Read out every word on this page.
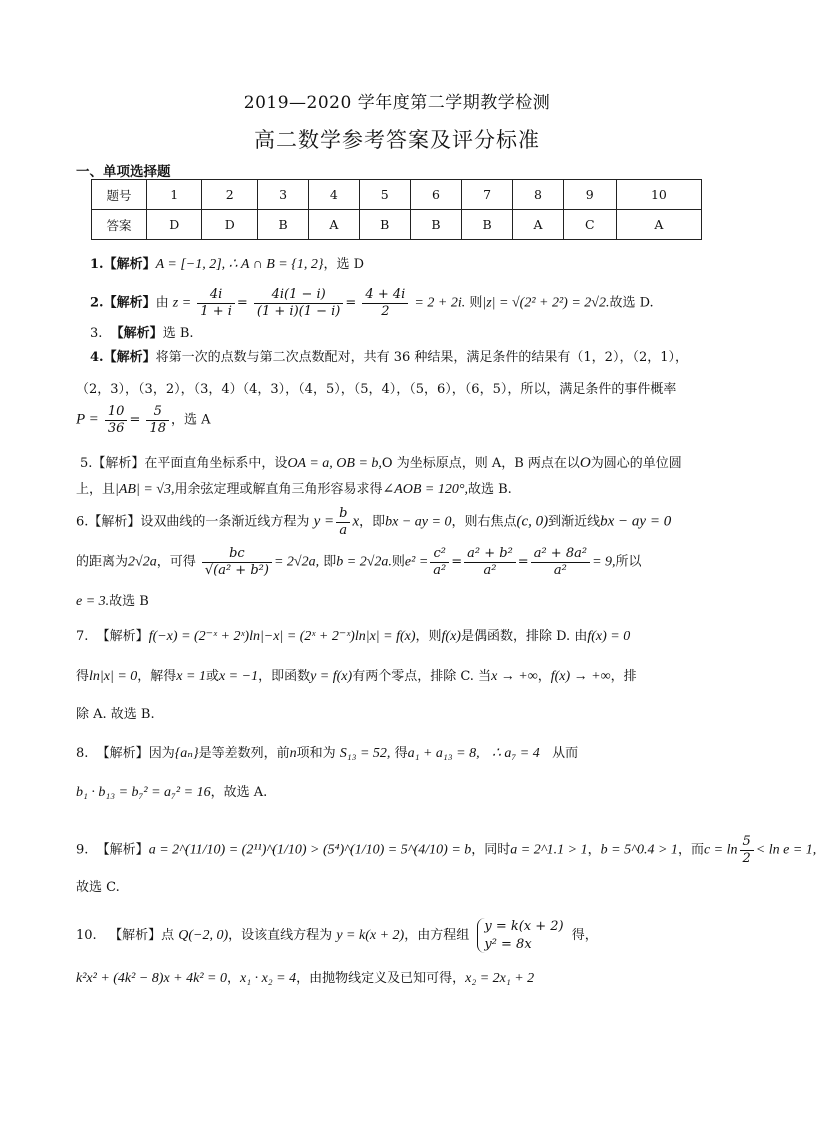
2019—2020 学年度第二学期教学检测
高二数学参考答案及评分标准
一、单项选择题
题号	1	2	3	4	5	6	7	8	9	10
答案	D	D	B	A	B	B	B	A	C	A
1.【解析】A = [−1, 2], ∴ A ∩ B = {1, 2}，选 D
2.【解析】由 $z = \frac{4i}{1 + i} = \frac{4i(1 - i)}{(1 + i)(1 - i)} = \frac{4 + 4i}{2} = 2 + 2i$. 则|z| = √(2² + 2²) = 2√2.故选 D.
3. 【解析】选 B.
4.【解析】将第一次的点数与第二次点数配对，共有 36 种结果，满足条件的结果有（1，2），（2，1），
（2，3），（3，2），（3，4）（4，3），（4，5），（5，4），（5，6），（6，5），所以，满足条件的事件概率
$P = \frac{10}{36} = \frac{5}{18}$ ，选 A
5.【解析】在平面直角坐标系中，设OA = a, OB = b,O 为坐标原点，则 A，B 两点在以O为圆心的单位圆
上，且|AB| = √3,用余弦定理或解直角三角形容易求得∠AOB = 120°,故选 B.
6.【解析】设双曲线的一条渐近线方程为 $y = \frac{b}{a}$ x，即bx − ay = 0，则右焦点(c, 0)到渐近线bx − ay = 0
的距离为2√2a，可得 $\frac{bc}{\text{√(a² + b²)}} = 2√2a$, 即b = 2√2a.则$e^2 = \frac{\text{c²}}{\text{a²}} = \frac{\text{a² + b²}}{\text{a²}} = \frac{\text{a² + 8a²}}{\text{a²}} = 9$,所以
e = 3.故选 B
7. 【解析】f(−x) = (2⁻ˣ + 2ˣ)ln|−x| = (2ˣ + 2⁻ˣ)ln|x| = f(x)，则f(x)是偶函数，排除 D. 由f(x) = 0
得ln|x| = 0，解得x = 1或x = −1，即函数y = f(x)有两个零点，排除 C. 当x → +∞，f(x) → +∞，排
除 A. 故选 B.
8. 【解析】因为{aₙ}是等差数列，前n项和为 S₁₃ = 52, 得a₁ + a₁₃ = 8, ∴ a₇ = 4 从而
b₁ · b₁₃ = b₇² = a₇² = 16，故选 A.
9. 【解析】a = 2^(11/10) = (2¹¹)^(1/10) > (5⁴)^(1/10) = 5^(4/10) = b，同时a = 2^1.1 > 1，b = 5^0.4 > 1，而$c = \ln \frac{5}{2} < \ln e = 1$,
故选 C.
10. 【解析】点 Q(−2, 0)，设该直线方程为 y = k(x + 2)，由方程组
y = k(x + 2)
y² = 8x
得，
k²x² + (4k² − 8)x + 4k² = 0，x₁ · x₂ = 4，由抛物线定义及已知可得，x₂ = 2x₁ + 2
